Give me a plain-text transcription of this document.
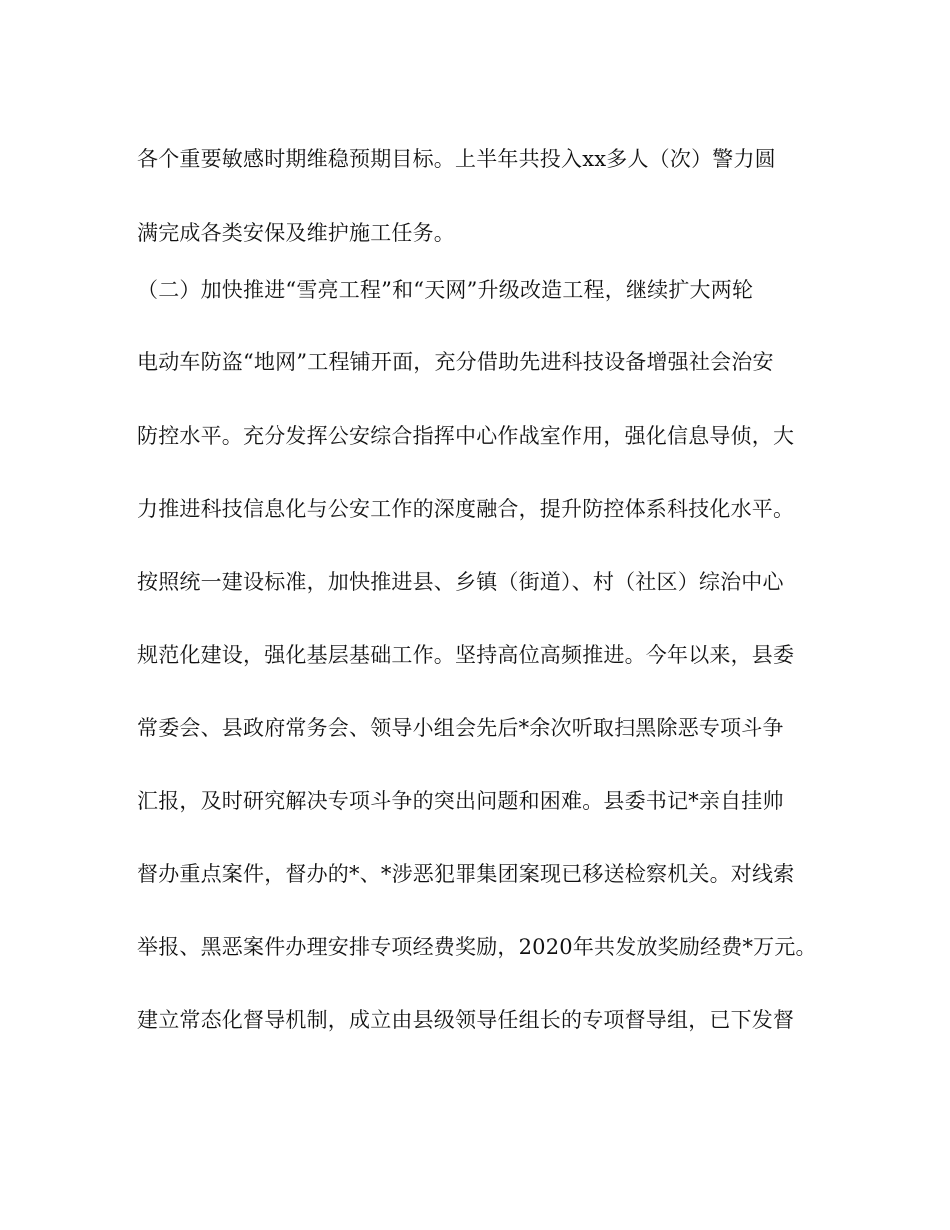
各个重要敏感时期维稳预期目标。上半年共投入xx多人（次）警力圆
满完成各类安保及维护施工任务。
（二）加快推进“雪亮工程”和“天网”升级改造工程，继续扩大两轮
电动车防盗“地网”工程铺开面，充分借助先进科技设备增强社会治安
防控水平。充分发挥公安综合指挥中心作战室作用，强化信息导侦，大
力推进科技信息化与公安工作的深度融合，提升防控体系科技化水平。
按照统一建设标准，加快推进县、乡镇（街道）、村（社区）综治中心
规范化建设，强化基层基础工作。坚持高位高频推进。今年以来，县委
常委会、县政府常务会、领导小组会先后*余次听取扫黑除恶专项斗争
汇报，及时研究解决专项斗争的突出问题和困难。县委书记*亲自挂帅
督办重点案件，督办的*、*涉恶犯罪集团案现已移送检察机关。对线索
举报、黑恶案件办理安排专项经费奖励，2020年共发放奖励经费*万元。
建立常态化督导机制，成立由县级领导任组长的专项督导组，已下发督
